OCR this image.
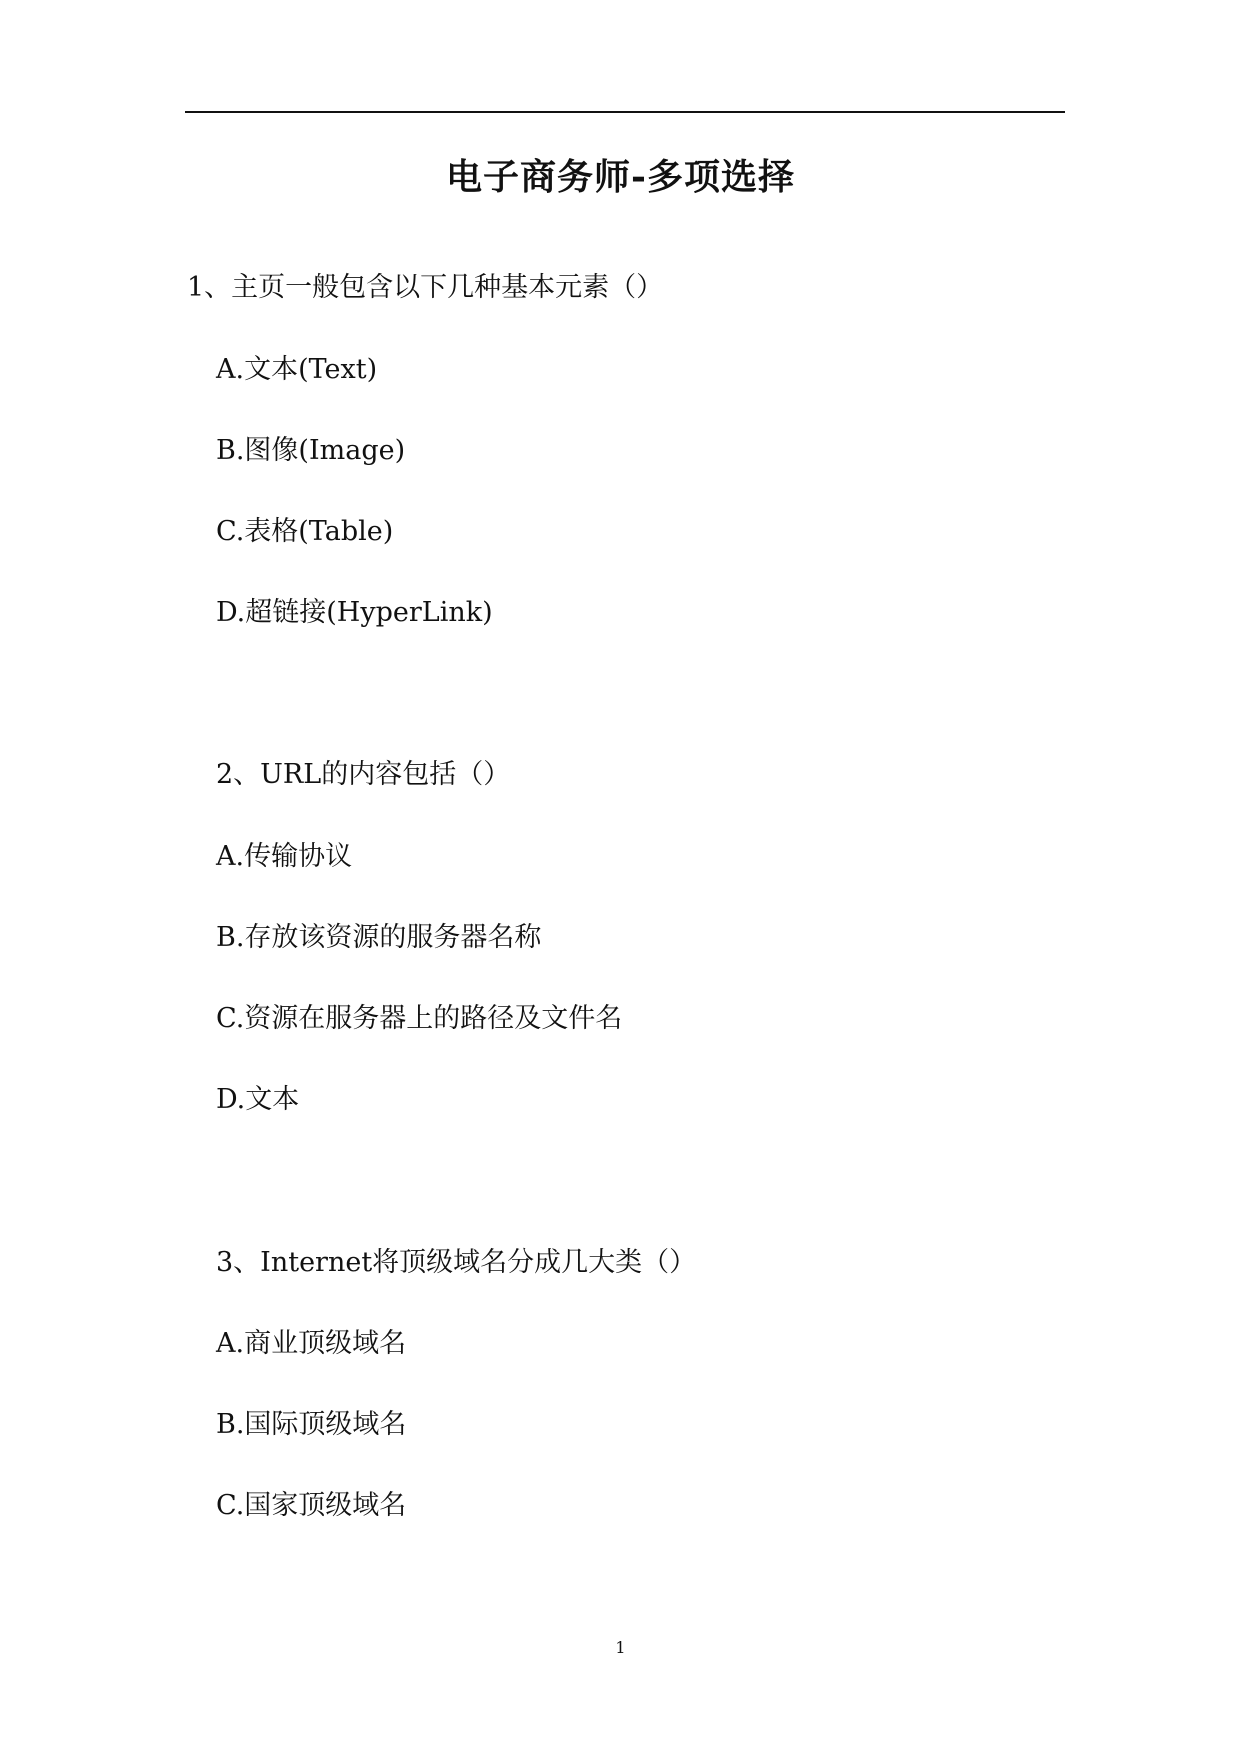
电子商务师-多项选择
1、主页一般包含以下几种基本元素（）
A.文本(Text)
B.图像(Image)
C.表格(Table)
D.超链接(HyperLink)
2、URL的内容包括（）
A.传输协议
B.存放该资源的服务器名称
C.资源在服务器上的路径及文件名
D.文本
3、Internet将顶级域名分成几大类（）
A.商业顶级域名
B.国际顶级域名
C.国家顶级域名
1
